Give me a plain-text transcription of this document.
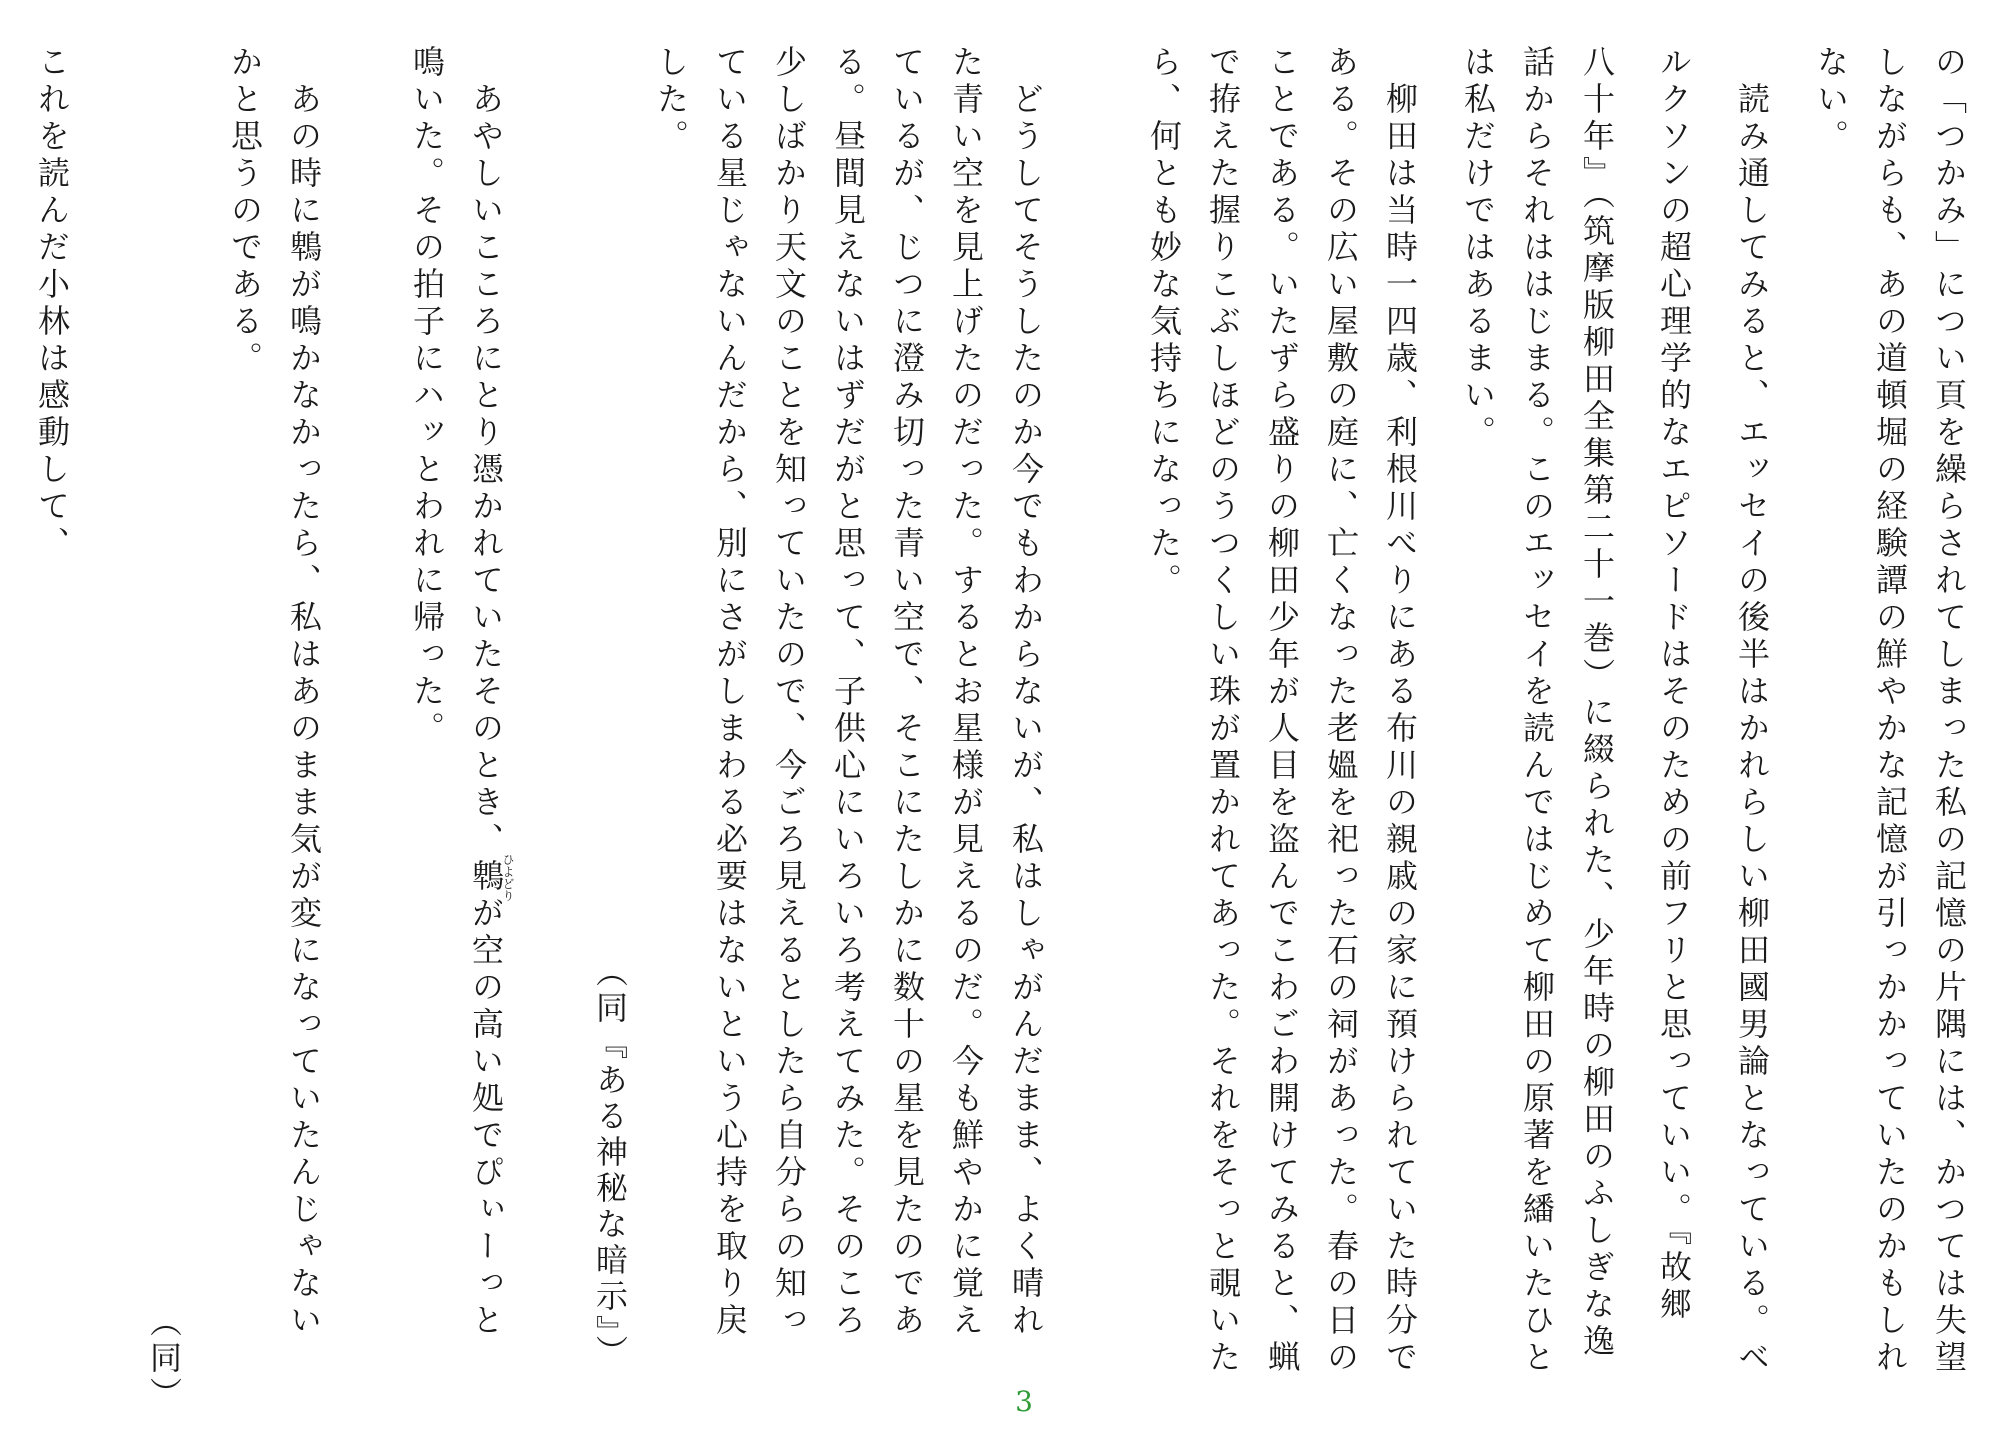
の「つかみ」につい頁を繰らされてしまった私の記憶の片隅には、かつては失望

しながらも、あの道頓堀の経験譚の鮮やかな記憶が引っかかっていたのかもしれ

ない。

　読み通してみると、エッセイの後半はかれらしい柳田國男論となっている。ベ

ルクソンの超心理学的なエピソードはそのための前フリと思っていい。『故郷

八十年』（筑摩版柳田全集第二十一巻）に綴られた、少年時の柳田のふしぎな逸

話からそれははじまる。このエッセイを読んではじめて柳田の原著を繙いたひと

は私だけではあるまい。

　柳田は当時一四歳、利根川べりにある布川の親戚の家に預けられていた時分で

ある。その広い屋敷の庭に、亡くなった老媼を祀った石の祠があった。春の日の

ことである。いたずら盛りの柳田少年が人目を盗んでこわごわ開けてみると、蝋

で拵えた握りこぶしほどのうつくしい珠が置かれてあった。それをそっと覗いた

ら、何とも妙な気持ちになった。

　どうしてそうしたのか今でもわからないが、私はしゃがんだまま、よく晴れ

た青い空を見上げたのだった。するとお星様が見えるのだ。今も鮮やかに覚え

ているが、じつに澄み切った青い空で、そこにたしかに数十の星を見たのであ

る。昼間見えないはずだがと思って、子供心にいろいろ考えてみた。そのころ

少しばかり天文のことを知っていたので、今ごろ見えるとしたら自分らの知っ

ている星じゃないんだから、別にさがしまわる必要はないという心持を取り戻

した。

（同『ある神秘な暗示』）

　あやしいこころにとり憑かれていたそのとき、鵯ひよどりが空の高い処でぴぃーっと

鳴いた。その拍子にハッとわれに帰った。

　あの時に鵯が鳴かなかったら、私はあのまま気が変になっていたんじゃない

かと思うのである。

（同）

これを読んだ小林は感動して、

3
